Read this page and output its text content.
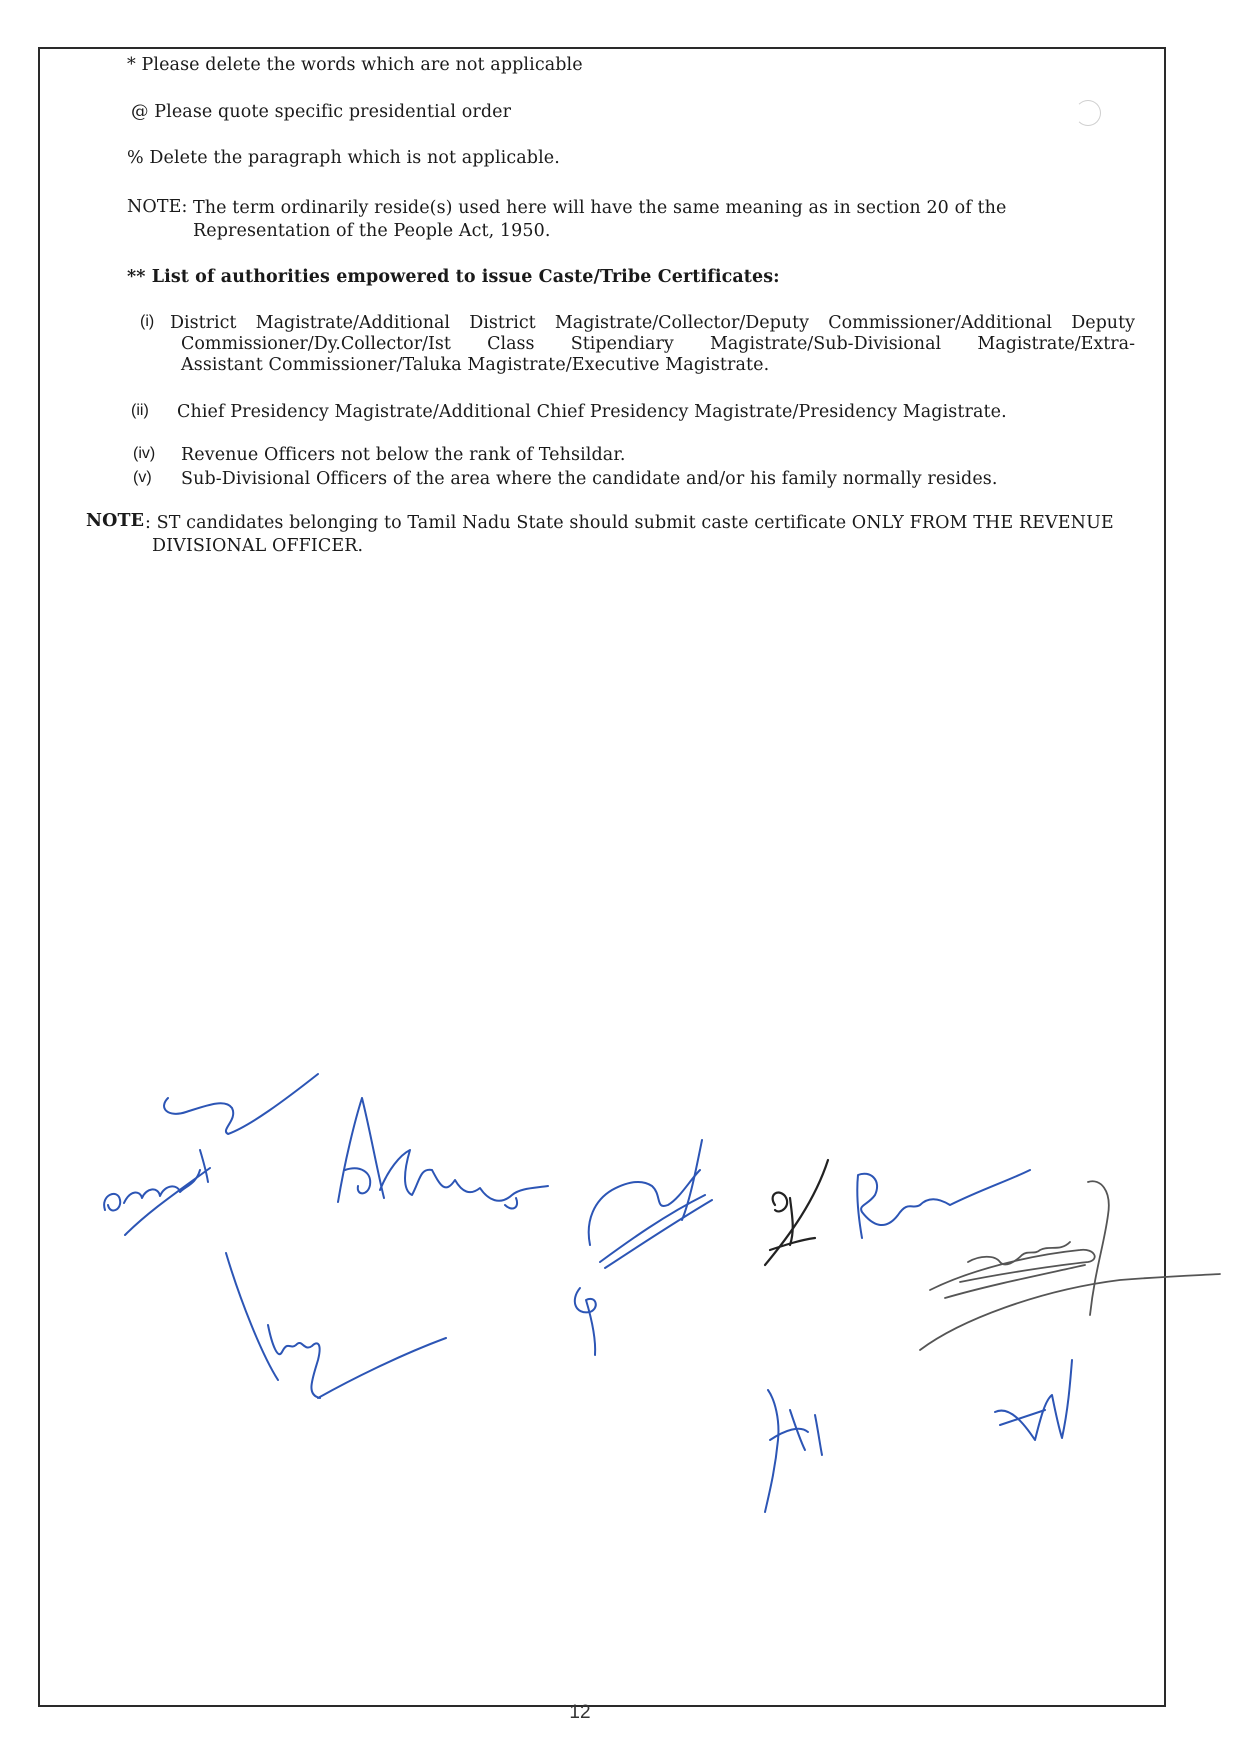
* Please delete the words which are not applicable
@ Please quote specific presidential order
% Delete the paragraph which is not applicable.
NOTE: The term ordinarily reside(s) used here will have the same meaning as in section 20 of the
Representation of the People Act, 1950.
** List of authorities empowered to issue Caste/Tribe Certificates:
(i) District Magistrate/Additional District Magistrate/Collector/Deputy Commissioner/Additional Deputy
Commissioner/Dy.Collector/Ist Class Stipendiary Magistrate/Sub-Divisional Magistrate/Extra-
Assistant Commissioner/Taluka Magistrate/Executive Magistrate.
(ii) Chief Presidency Magistrate/Additional Chief Presidency Magistrate/Presidency Magistrate.
(iv) Revenue Officers not below the rank of Tehsildar.
(v) Sub-Divisional Officers of the area where the candidate and/or his family normally resides.
NOTE : ST candidates belonging to Tamil Nadu State should submit caste certificate ONLY FROM THE REVENUE
DIVISIONAL OFFICER.
12
